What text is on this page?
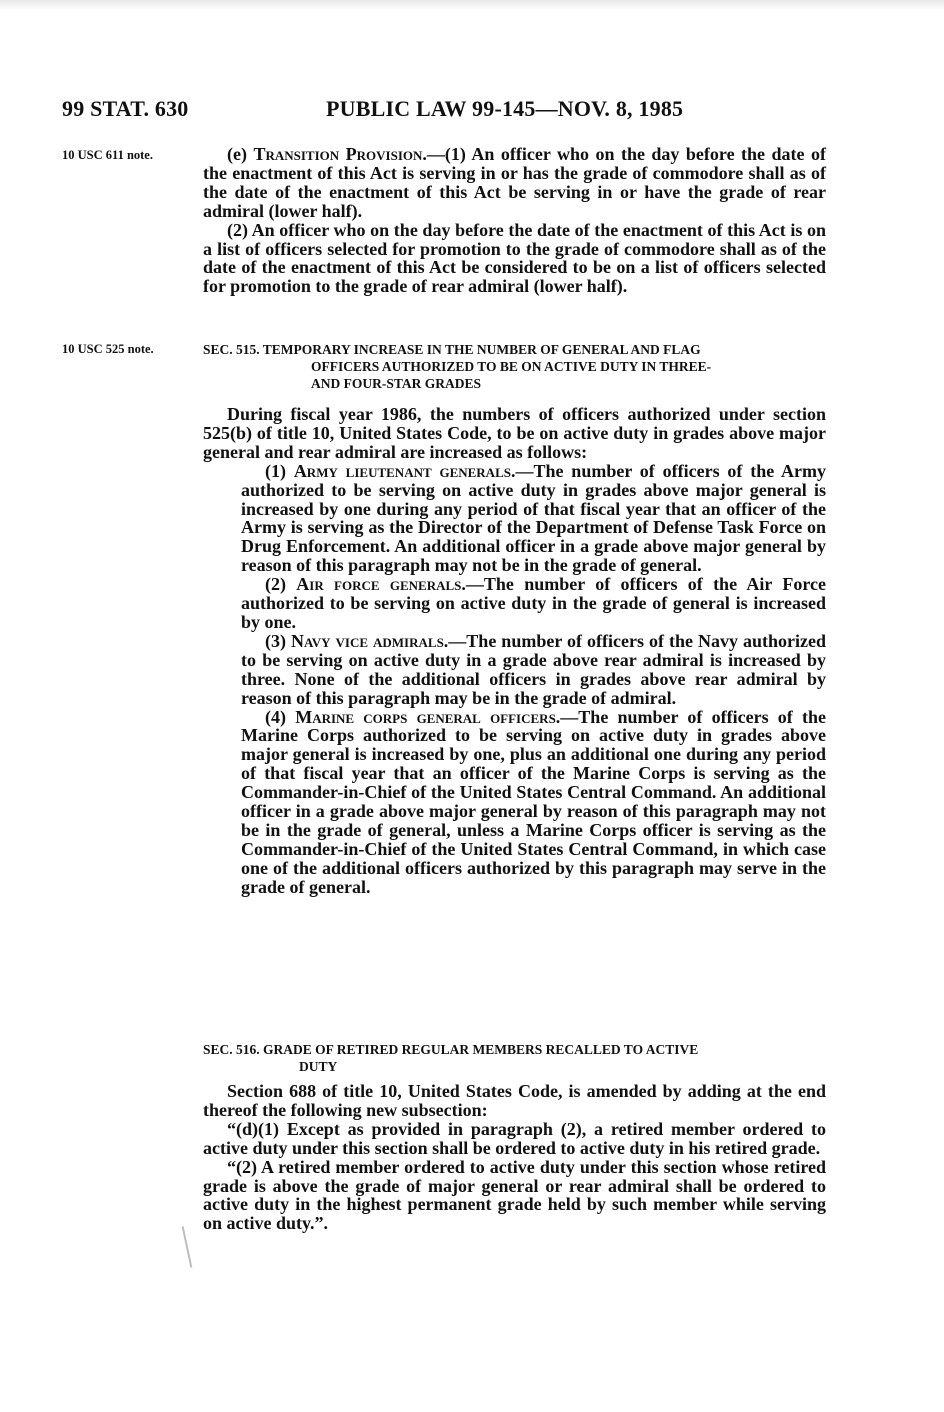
99 STAT. 630	PUBLIC LAW 99-145—NOV. 8, 1985
10 USC 611 note.	(e) Transition Provision.—(1) An officer who on the day before the date of the enactment of this Act is serving in or has the grade of commodore shall as of the date of the enactment of this Act be serving in or have the grade of rear admiral (lower half).

(2) An officer who on the day before the date of the enactment of this Act is on a list of officers selected for promotion to the grade of commodore shall as of the date of the enactment of this Act be considered to be on a list of officers selected for promotion to the grade of rear admiral (lower half).

10 USC 525 note.	SEC. 515. TEMPORARY INCREASE IN THE NUMBER OF GENERAL AND FLAG
OFFICERS AUTHORIZED TO BE ON ACTIVE DUTY IN THREE-
AND FOUR-STAR GRADES

During fiscal year 1986, the numbers of officers authorized under section 525(b) of title 10, United States Code, to be on active duty in grades above major general and rear admiral are increased as follows:

(1) Army lieutenant generals.—The number of officers of the Army authorized to be serving on active duty in grades above major general is increased by one during any period of that fiscal year that an officer of the Army is serving as the Director of the Department of Defense Task Force on Drug Enforcement. An additional officer in a grade above major general by reason of this paragraph may not be in the grade of general.

(2) Air force generals.—The number of officers of the Air Force authorized to be serving on active duty in the grade of general is increased by one.

(3) Navy vice admirals.—The number of officers of the Navy authorized to be serving on active duty in a grade above rear admiral is increased by three. None of the additional officers in grades above rear admiral by reason of this paragraph may be in the grade of admiral.

(4) Marine corps general officers.—The number of officers of the Marine Corps authorized to be serving on active duty in grades above major general is increased by one, plus an additional one during any period of that fiscal year that an officer of the Marine Corps is serving as the Commander-in-Chief of the United States Central Command. An additional officer in a grade above major general by reason of this paragraph may not be in the grade of general, unless a Marine Corps officer is serving as the Commander-in-Chief of the United States Central Command, in which case one of the additional officers authorized by this paragraph may serve in the grade of general.

SEC. 516. GRADE OF RETIRED REGULAR MEMBERS RECALLED TO ACTIVE
DUTY

Section 688 of title 10, United States Code, is amended by adding at the end thereof the following new subsection:

“(d)(1) Except as provided in paragraph (2), a retired member ordered to active duty under this section shall be ordered to active duty in his retired grade.

“(2) A retired member ordered to active duty under this section whose retired grade is above the grade of major general or rear admiral shall be ordered to active duty in the highest permanent grade held by such member while serving on active duty.”.
